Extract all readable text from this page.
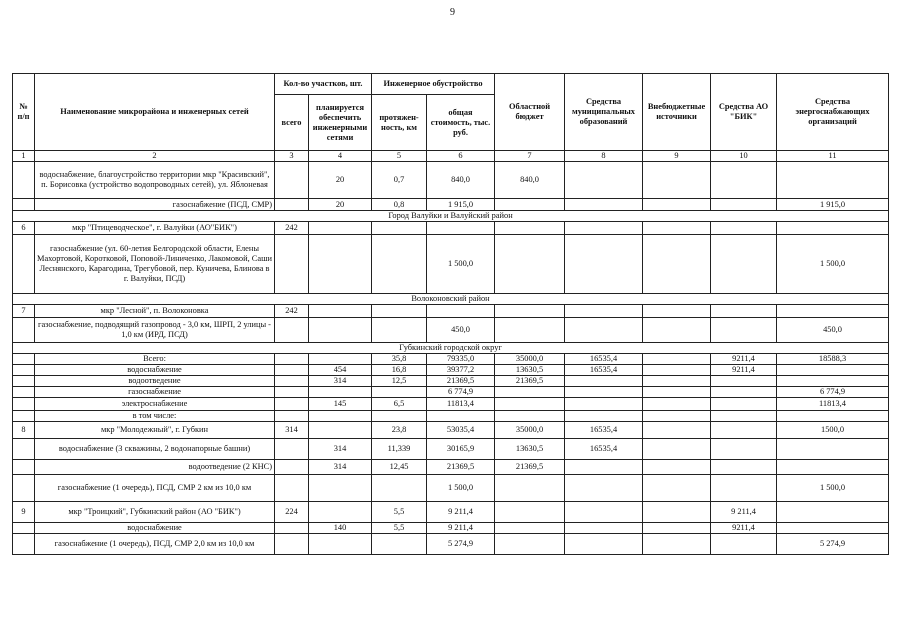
9
№ п/п	Наименование микрорайона и инженерных сетей	Кол-во участков, шт.		Инженерное обустройство		Областной бюджет	Средства муниципальных образований	Внебюджетные источники	Средства АО "БИК"	Средства энергоснабжающих организаций
		всего	планируется обеспечить инженерными сетями	протяжен-ность, км	общая стоимость, тыс. руб.					
1	2	3	4	5	6	7	8	9	10	11
	водоснабжение, благоустройство территории мкр "Красивский", п. Борисовка (устройство водопроводных сетей), ул. Яблоневая		20	0,7	840,0	840,0				
	газоснабжение (ПСД, СМР)		20	0,8	1 915,0					1 915,0
Город Валуйки и Валуйский район										
6	мкр "Птицеводческое", г. Валуйки (АО"БИК")	242								
	газоснабжение (ул. 60-летия Белгородской области, Елены Махортовой, Коротковой, Поповой-Линиченко, Лакомовой, Саши Леснянского, Карагодина, Трегубовой, пер. Куничева, Блинова в г. Валуйки, ПСД)				1 500,0					1 500,0
Волоконовский район										
7	мкр "Лесной", п. Волоконовка	242								
	газоснабжение, подводящий газопровод - 3,0 км, ШРП, 2 улицы - 1,0 км (ИРД, ПСД)				450,0					450,0
Губкинский городской округ										
	Всего:			35,8	79335,0	35000,0	16535,4		9211,4	18588,3
	водоснабжение		454	16,8	39377,2	13630,5	16535,4		9211,4	
	водоотведение		314	12,5	21369,5	21369,5				
	газоснабжение				6 774,9					6 774,9
	электроснабжение		145	6,5	11813,4					11813,4
	в том числе:									
8	мкр "Молодежный", г. Губкин	314		23,8	53035,4	35000,0	16535,4			1500,0
	водоснабжение (3 скважины, 2 водонапорные башни)		314	11,339	30165,9	13630,5	16535,4			
	водоотведение (2 КНС)		314	12,45	21369,5	21369,5				
	газоснабжение (1 очередь), ПСД, СМР 2 км из 10,0 км				1 500,0					1 500,0
9	мкр "Троицкий", Губкинский район (АО "БИК")	224		5,5	9 211,4				9 211,4	
	водоснабжение		140	5,5	9 211,4				9211,4	
	газоснабжение (1 очередь), ПСД, СМР 2,0 км из 10,0 км				5 274,9					5 274,9
